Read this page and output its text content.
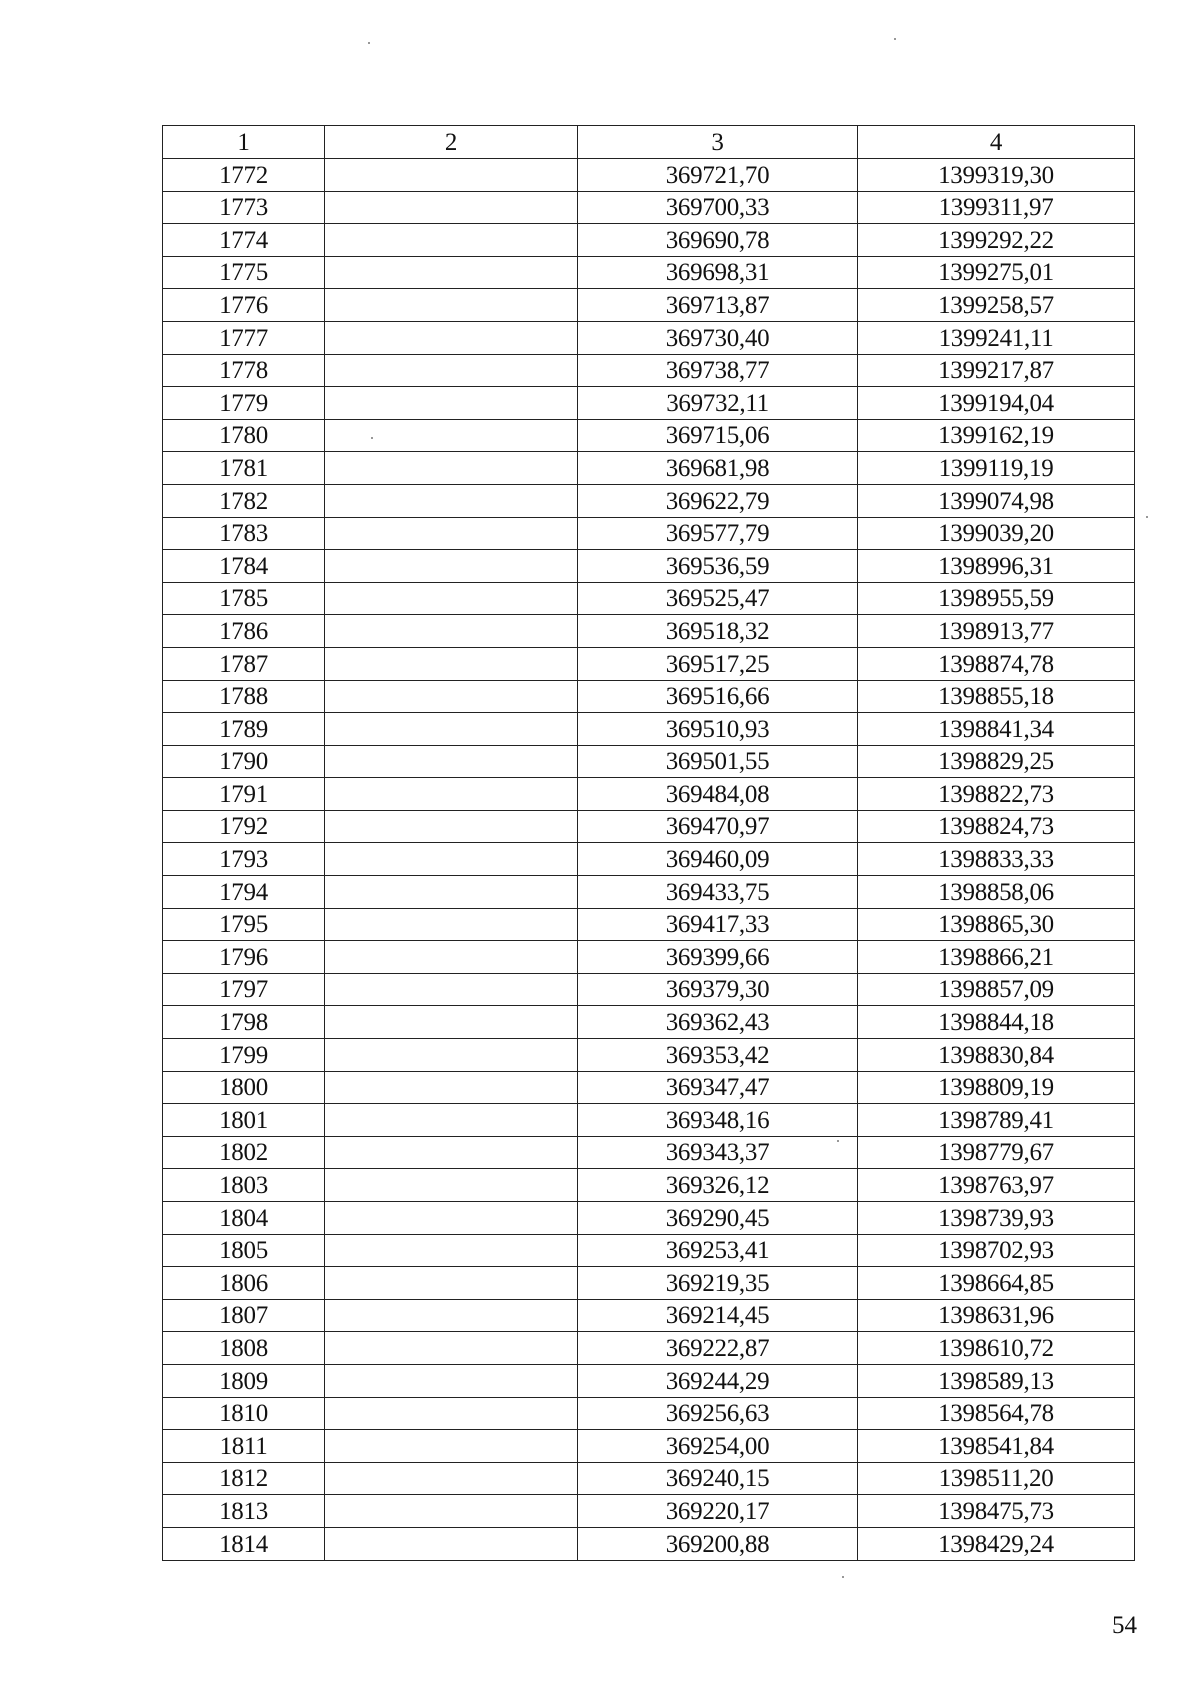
1	2	3	4
1772		369721,70	1399319,30
1773		369700,33	1399311,97
1774		369690,78	1399292,22
1775		369698,31	1399275,01
1776		369713,87	1399258,57
1777		369730,40	1399241,11
1778		369738,77	1399217,87
1779		369732,11	1399194,04
1780		369715,06	1399162,19
1781		369681,98	1399119,19
1782		369622,79	1399074,98
1783		369577,79	1399039,20
1784		369536,59	1398996,31
1785		369525,47	1398955,59
1786		369518,32	1398913,77
1787		369517,25	1398874,78
1788		369516,66	1398855,18
1789		369510,93	1398841,34
1790		369501,55	1398829,25
1791		369484,08	1398822,73
1792		369470,97	1398824,73
1793		369460,09	1398833,33
1794		369433,75	1398858,06
1795		369417,33	1398865,30
1796		369399,66	1398866,21
1797		369379,30	1398857,09
1798		369362,43	1398844,18
1799		369353,42	1398830,84
1800		369347,47	1398809,19
1801		369348,16	1398789,41
1802		369343,37	1398779,67
1803		369326,12	1398763,97
1804		369290,45	1398739,93
1805		369253,41	1398702,93
1806		369219,35	1398664,85
1807		369214,45	1398631,96
1808		369222,87	1398610,72
1809		369244,29	1398589,13
1810		369256,63	1398564,78
1811		369254,00	1398541,84
1812		369240,15	1398511,20
1813		369220,17	1398475,73
1814		369200,88	1398429,24
54
